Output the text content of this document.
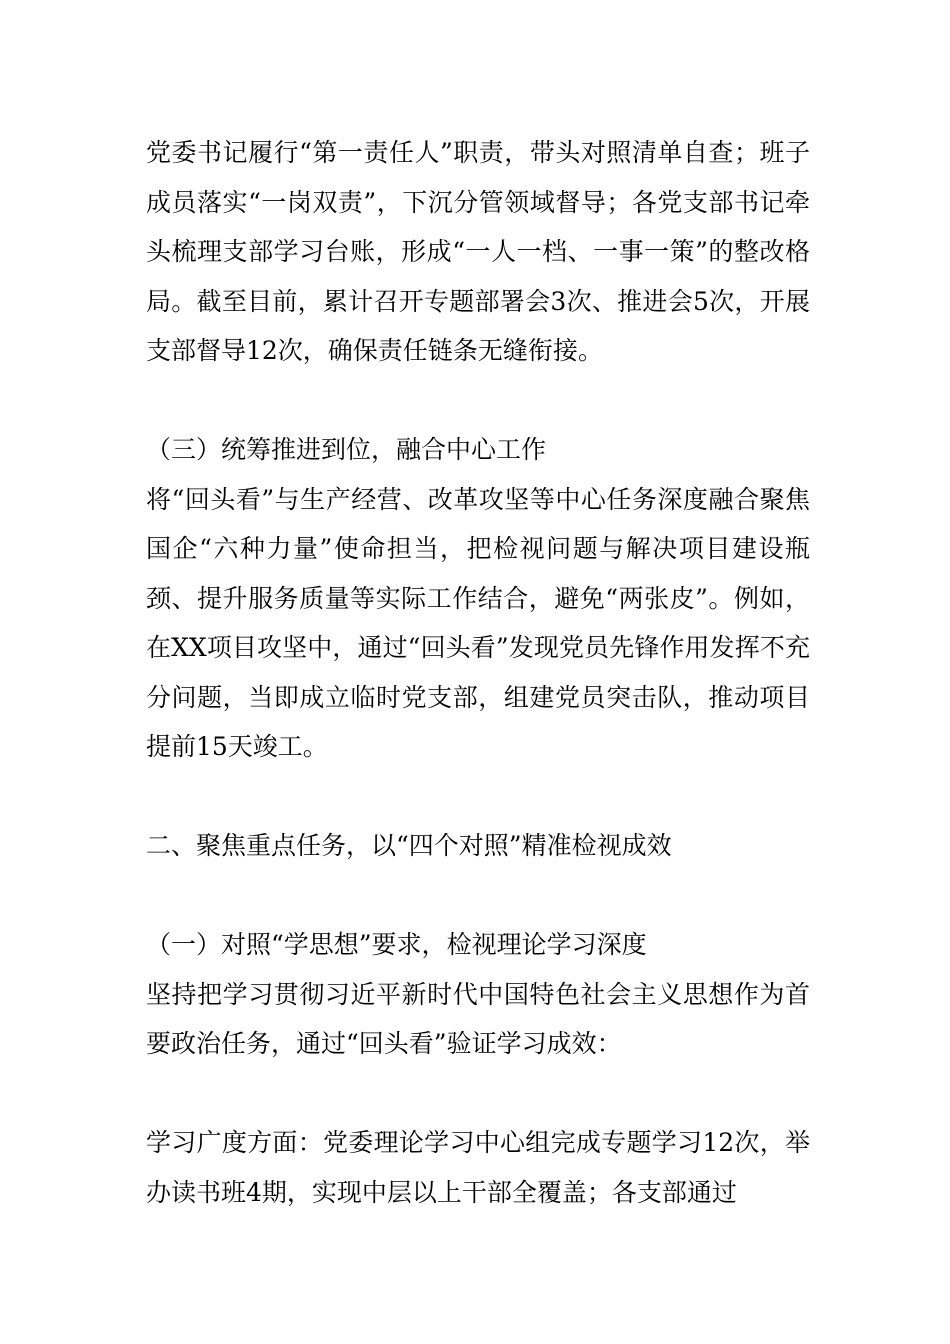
党委书记履行“第一责任人”职责，带头对照清单自查；班子成员落实“一岗双责”，下沉分管领域督导；各党支部书记牵头梳理支部学习台账，形成“一人一档、一事一策”的整改格局。截至目前，累计召开专题部署会3次、推进会5次，开展支部督导12次，确保责任链条无缝衔接。

（三）统筹推进到位，融合中心工作

将“回头看”与生产经营、改革攻坚等中心任务深度融合聚焦国企“六种力量”使命担当，把检视问题与解决项目建设瓶颈、提升服务质量等实际工作结合，避免“两张皮”。例如，在XX项目攻坚中，通过“回头看”发现党员先锋作用发挥不充分问题，当即成立临时党支部，组建党员突击队，推动项目提前15天竣工。

二、聚焦重点任务，以“四个对照”精准检视成效

（一）对照“学思想”要求，检视理论学习深度

坚持把学习贯彻习近平新时代中国特色社会主义思想作为首要政治任务，通过“回头看”验证学习成效：

学习广度方面：党委理论学习中心组完成专题学习12次，举办读书班4期，实现中层以上干部全覆盖；各支部通过
